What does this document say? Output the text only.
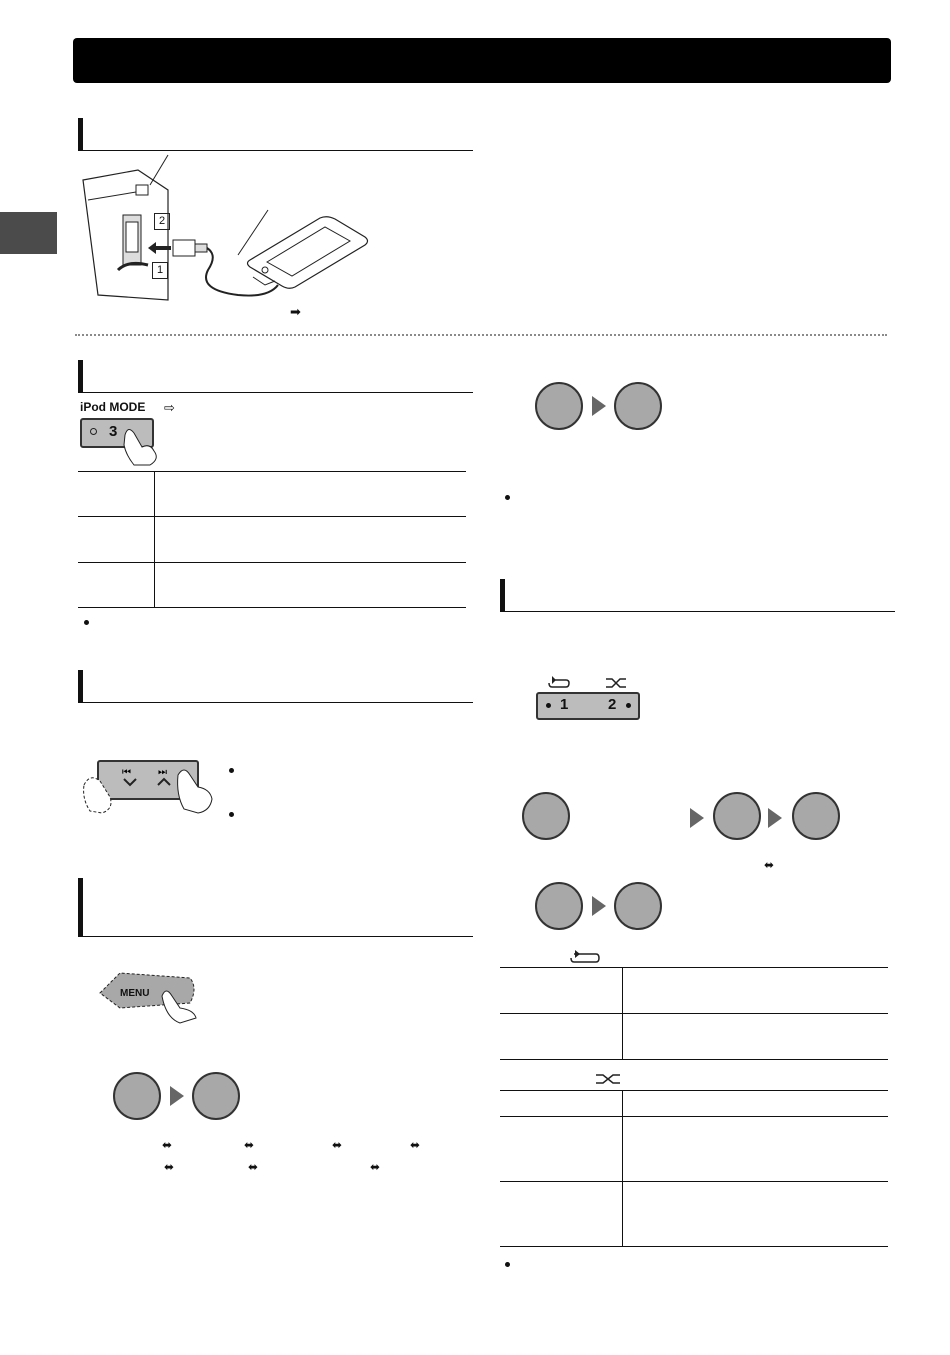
2
1
➡
iPod MODE ⇨
3
⏮	⏭
MENU
⬌	⬌	⬌	⬌
⬌	⬌	⬌
1	2
⬌
